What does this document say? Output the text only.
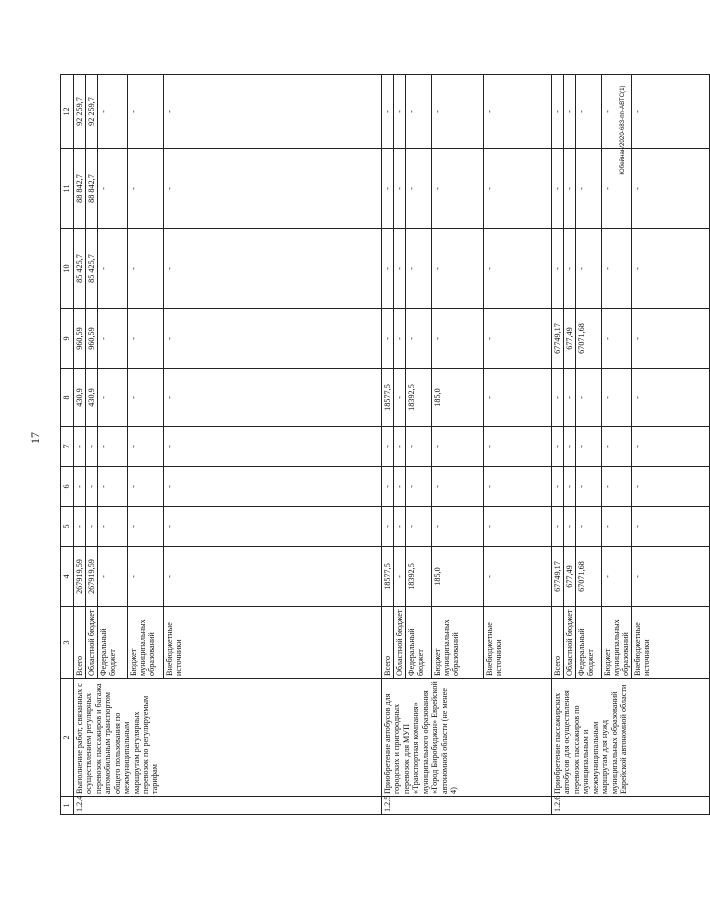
17
Юбейнан/2020-683-пп-АВТС(1)
1	2	3	4	5	6	7	8	9	10	11	12
1.2.4	Выполнение работ, связанных с осуществлением регулярных перевозок пассажиров и багажа автомобильным транспортом общего пользования по межмуниципальным маршрутам регулярных перевозок по регулируемым тарифам	Всего	267919,59	-	-	-	430,9	960,59	85 425,7	88 842,7	92 259,7
		Областной бюджет	267919,59	-	-	-	430,9	960,59	85 425,7	88 842,7	92 259,7
		Федеральный бюджет	-	-	-	-	-	-	-	-	-
		Бюджет муниципальных образований	-	-	-	-	-	-	-	-	-
		Внебюджетные источники	-	-	-	-	-	-	-	-	-
1.2.5	Приобретение автобусов для городских и пригородных перевозок для МУП «Транспортная компания» муниципального образования «Город Биробиджан» Еврейской автономной области (не менее 4)	Всего	18577,5	-	-	-	18577,5	-	-	-	-
		Областной бюджет	-	-	-	-	-	-	-	-	-
		Федеральный бюджет	18392,5	-	-	-	18392,5	-	-	-	-
		Бюджет муниципальных образований	185,0	-	-	-	185,0	-	-	-	-
		Внебюджетные источники	-	-	-	-	-	-	-	-	-
1.2.6	Приобретение пассажирских автобусов для осуществления перевозок пассажиров по муниципальным и межмуниципальным маршрутам для нужд муниципальных образований Еврейской автономной области	Всего	67749,17	-	-	-	-	67749,17	-	-	-
		Областной бюджет	677,49	-	-	-	-	677,49	-	-	-
		Федеральный бюджет	67071,68	-	-	-	-	67071,68	-	-	-
		Бюджет муниципальных образований	-	-	-	-	-	-	-	-	-
		Внебюджетные источники	-	-	-	-	-	-	-	-	-
